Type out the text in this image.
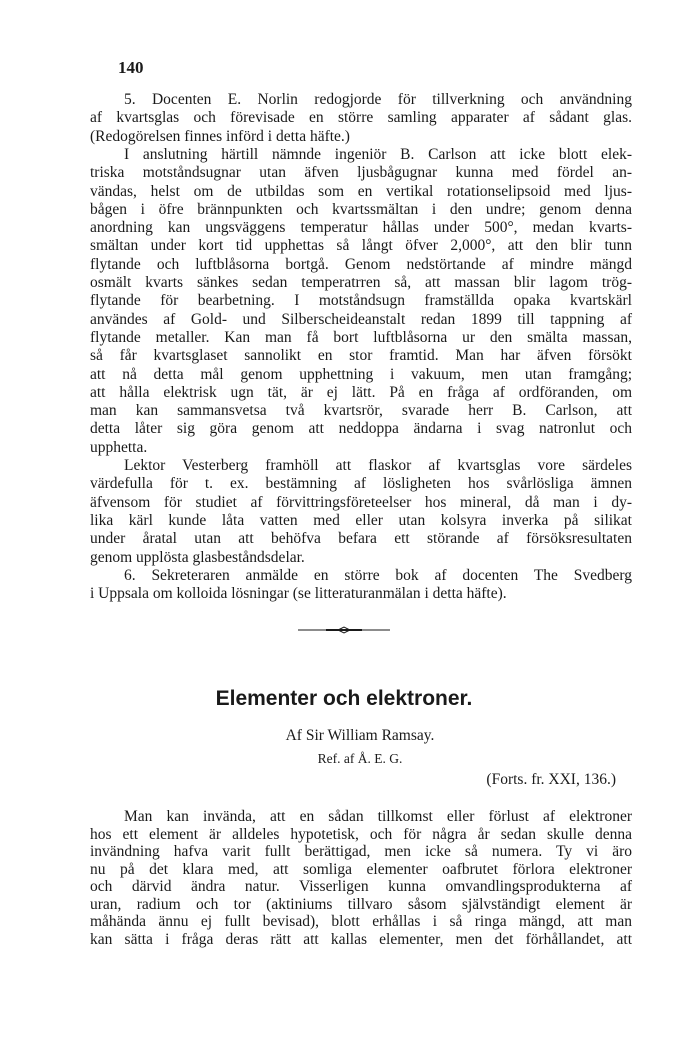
140
5. Docenten E. Norlin redogjorde för tillverkning och användning
af kvartsglas och förevisade en större samling apparater af sådant glas.
(Redogörelsen finnes införd i detta häfte.)
I anslutning härtill nämnde ingeniör B. Carlson att icke blott elek-
triska motståndsugnar utan äfven ljusbågugnar kunna med fördel an-
vändas, helst om de utbildas som en vertikal rotationselipsoid med ljus-
bågen i öfre brännpunkten och kvartssmältan i den undre; genom denna
anordning kan ungsväggens temperatur hållas under 500°, medan kvarts-
smältan under kort tid upphettas så långt öfver 2,000°, att den blir tunn
flytande och luftblåsorna bortgå. Genom nedstörtande af mindre mängd
osmält kvarts sänkes sedan temperatrren så, att massan blir lagom trög-
flytande för bearbetning. I motståndsugn framställda opaka kvartskärl
användes af Gold- und Silberscheideanstalt redan 1899 till tappning af
flytande metaller. Kan man få bort luftblåsorna ur den smälta massan,
så får kvartsglaset sannolikt en stor framtid. Man har äfven försökt
att nå detta mål genom upphettning i vakuum, men utan framgång;
att hålla elektrisk ugn tät, är ej lätt. På en fråga af ordföranden, om
man kan sammansvetsa två kvartsrör, svarade herr B. Carlson, att
detta låter sig göra genom att neddoppa ändarna i svag natronlut och
upphetta.
Lektor Vesterberg framhöll att flaskor af kvartsglas vore särdeles
värdefulla för t. ex. bestämning af lösligheten hos svårlösliga ämnen
äfvensom för studiet af förvittringsföreteelser hos mineral, då man i dy-
lika kärl kunde låta vatten med eller utan kolsyra inverka på silikat
under åratal utan att behöfva befara ett störande af försöksresultaten
genom upplösta glasbeståndsdelar.
6. Sekreteraren anmälde en större bok af docenten The Svedberg
i Uppsala om kolloida lösningar (se litteraturanmälan i detta häfte).
Elementer och elektroner.
Af Sir William Ramsay.
Ref. af Å. E. G.
(Forts. fr. XXI, 136.)
Man kan invända, att en sådan tillkomst eller förlust af elektroner
hos ett element är alldeles hypotetisk, och för några år sedan skulle denna
invändning hafva varit fullt berättigad, men icke så numera. Ty vi äro
nu på det klara med, att somliga elementer oafbrutet förlora elektroner
och därvid ändra natur. Visserligen kunna omvandlingsprodukterna af
uran, radium och tor (aktiniums tillvaro såsom självständigt element är
måhända ännu ej fullt bevisad), blott erhållas i så ringa mängd, att man
kan sätta i fråga deras rätt att kallas elementer, men det förhållandet, att
